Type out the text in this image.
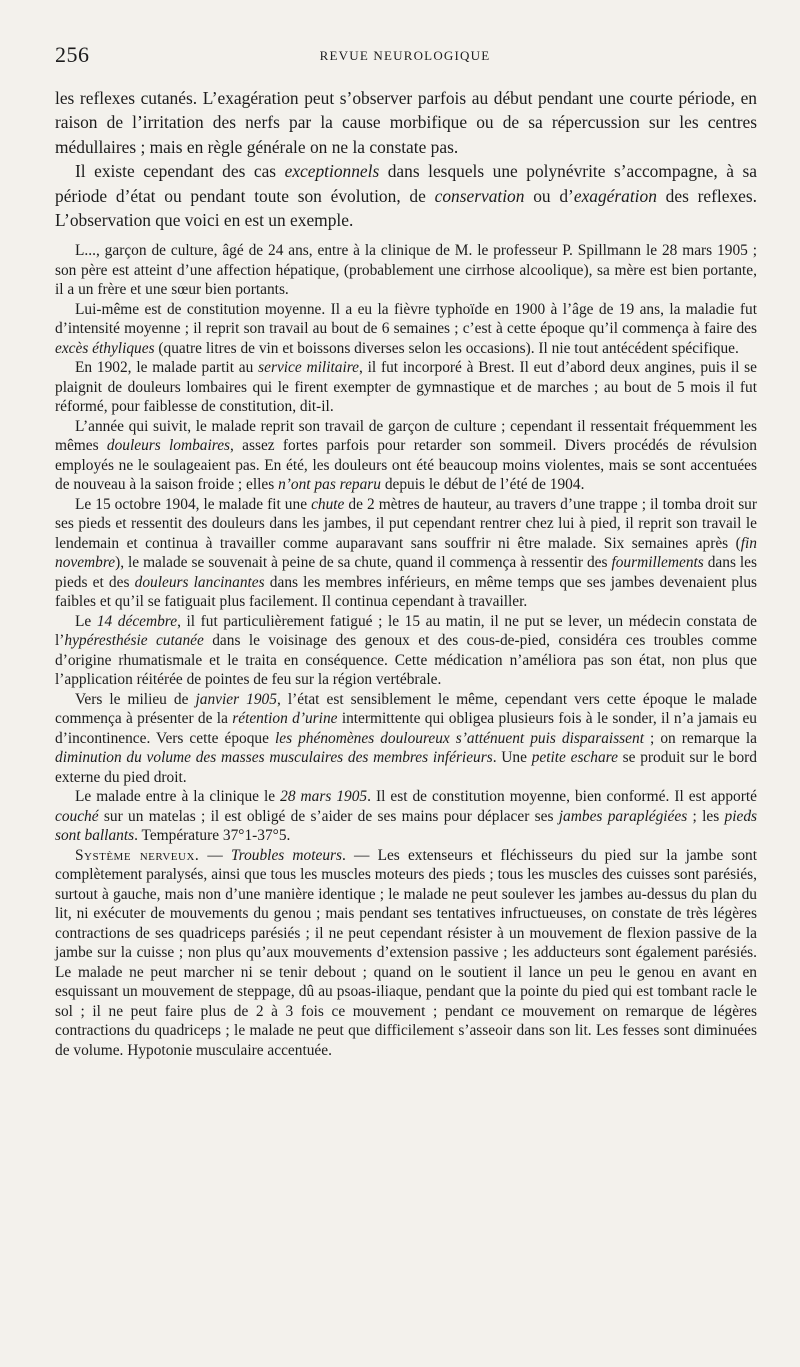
256	REVUE NEUROLOGIQUE

les reflexes cutanés. L’exagération peut s’observer parfois au début pendant une courte période, en raison de l’irritation des nerfs par la cause morbifique ou de sa répercussion sur les centres médullaires ; mais en règle générale on ne la constate pas.

Il existe cependant des cas exceptionnels dans lesquels une polynévrite s’accompagne, à sa période d’état ou pendant toute son évolution, de conservation ou d’exagération des reflexes. L’observation que voici en est un exemple.

L..., garçon de culture, âgé de 24 ans, entre à la clinique de M. le professeur P. Spillmann le 28 mars 1905 ; son père est atteint d’une affection hépatique, (probablement une cirrhose alcoolique), sa mère est bien portante, il a un frère et une sœur bien portants.

Lui-même est de constitution moyenne. Il a eu la fièvre typhoïde en 1900 à l’âge de 19 ans, la maladie fut d’intensité moyenne ; il reprit son travail au bout de 6 semaines ; c’est à cette époque qu’il commença à faire des excès éthyliques (quatre litres de vin et boissons diverses selon les occasions). Il nie tout antécédent spécifique.

En 1902, le malade partit au service militaire, il fut incorporé à Brest. Il eut d’abord deux angines, puis il se plaignit de douleurs lombaires qui le firent exempter de gymnastique et de marches ; au bout de 5 mois il fut réformé, pour faiblesse de constitution, dit-il.

L’année qui suivit, le malade reprit son travail de garçon de culture ; cependant il ressentait fréquemment les mêmes douleurs lombaires, assez fortes parfois pour retarder son sommeil. Divers procédés de révulsion employés ne le soulageaient pas. En été, les douleurs ont été beaucoup moins violentes, mais se sont accentuées de nouveau à la saison froide ; elles n’ont pas reparu depuis le début de l’été de 1904.

Le 15 octobre 1904, le malade fit une chute de 2 mètres de hauteur, au travers d’une trappe ; il tomba droit sur ses pieds et ressentit des douleurs dans les jambes, il put cependant rentrer chez lui à pied, il reprit son travail le lendemain et continua à travailler comme auparavant sans souffrir ni être malade. Six semaines après (fin novembre), le malade se souvenait à peine de sa chute, quand il commença à ressentir des fourmillements dans les pieds et des douleurs lancinantes dans les membres inférieurs, en même temps que ses jambes devenaient plus faibles et qu’il se fatiguait plus facilement. Il continua cependant à travailler.

Le 14 décembre, il fut particulièrement fatigué ; le 15 au matin, il ne put se lever, un médecin constata de l’hypéresthésie cutanée dans le voisinage des genoux et des cous-de-pied, considéra ces troubles comme d’origine rhumatismale et le traita en conséquence. Cette médication n’améliora pas son état, non plus que l’application réitérée de pointes de feu sur la région vertébrale.

Vers le milieu de janvier 1905, l’état est sensiblement le même, cependant vers cette époque le malade commença à présenter de la rétention d’urine intermittente qui obligea plusieurs fois à le sonder, il n’a jamais eu d’incontinence. Vers cette époque les phénomènes douloureux s’atténuent puis disparaissent ; on remarque la diminution du volume des masses musculaires des membres inférieurs. Une petite eschare se produit sur le bord externe du pied droit.

Le malade entre à la clinique le 28 mars 1905. Il est de constitution moyenne, bien conformé. Il est apporté couché sur un matelas ; il est obligé de s’aider de ses mains pour déplacer ses jambes paraplégiées ; les pieds sont ballants. Température 37°1-37°5.

Système nerveux. — Troubles moteurs. — Les extenseurs et fléchisseurs du pied sur la jambe sont complètement paralysés, ainsi que tous les muscles moteurs des pieds ; tous les muscles des cuisses sont parésiés, surtout à gauche, mais non d’une manière identique ; le malade ne peut soulever les jambes au-dessus du plan du lit, ni exécuter de mouvements du genou ; mais pendant ses tentatives infructueuses, on constate de très légères contractions de ses quadriceps parésiés ; il ne peut cependant résister à un mouvement de flexion passive de la jambe sur la cuisse ; non plus qu’aux mouvements d’extension passive ; les adducteurs sont également parésiés. Le malade ne peut marcher ni se tenir debout ; quand on le soutient il lance un peu le genou en avant en esquissant un mouvement de steppage, dû au psoas-iliaque, pendant que la pointe du pied qui est tombant racle le sol ; il ne peut faire plus de 2 à 3 fois ce mouvement ; pendant ce mouvement on remarque de légères contractions du quadriceps ; le malade ne peut que difficilement s’asseoir dans son lit. Les fesses sont diminuées de volume. Hypotonie musculaire accentuée.
